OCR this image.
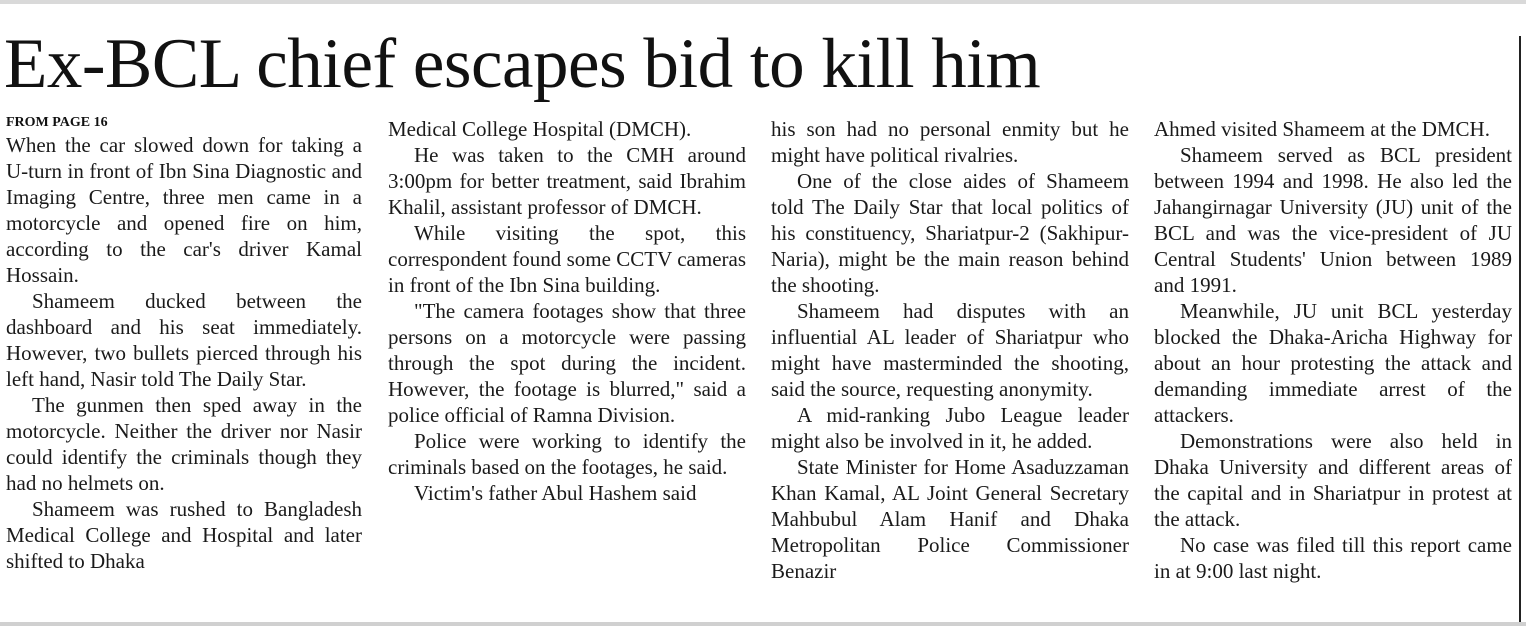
Ex-BCL chief escapes bid to kill him
FROM PAGE 16

When the car slowed down for taking a U-turn in front of Ibn Sina Diagnostic and Imaging Centre, three men came in a motorcycle and opened fire on him, according to the car's driver Kamal Hossain.

Shameem ducked between the dashboard and his seat immediately. However, two bullets pierced through his left hand, Nasir told The Daily Star.

The gunmen then sped away in the motorcycle. Neither the driver nor Nasir could identify the criminals though they had no helmets on.

Shameem was rushed to Bangladesh Medical College and Hospital and later shifted to Dhaka

Medical College Hospital (DMCH).

He was taken to the CMH around 3:00pm for better treatment, said Ibrahim Khalil, assistant professor of DMCH.

While visiting the spot, this correspondent found some CCTV cameras in front of the Ibn Sina building.

"The camera footages show that three persons on a motorcycle were passing through the spot during the incident. However, the footage is blurred," said a police official of Ramna Division.

Police were working to identify the criminals based on the footages, he said.

Victim's father Abul Hashem said

his son had no personal enmity but he might have political rivalries.

One of the close aides of Shameem told The Daily Star that local politics of his constituency, Shariatpur-2 (Sakhipur-Naria), might be the main reason behind the shooting.

Shameem had disputes with an influential AL leader of Shariatpur who might have masterminded the shooting, said the source, requesting anonymity.

A mid-ranking Jubo League leader might also be involved in it, he added.

State Minister for Home Asaduzzaman Khan Kamal, AL Joint General Secretary Mahbubul Alam Hanif and Dhaka Metropolitan Police Commissioner Benazir

Ahmed visited Shameem at the DMCH.

Shameem served as BCL president between 1994 and 1998. He also led the Jahangirnagar University (JU) unit of the BCL and was the vice-president of JU Central Students' Union between 1989 and 1991.

Meanwhile, JU unit BCL yesterday blocked the Dhaka-Aricha Highway for about an hour protesting the attack and demanding immediate arrest of the attackers.

Demonstrations were also held in Dhaka University and different areas of the capital and in Shariatpur in protest at the attack.

No case was filed till this report came in at 9:00 last night.
